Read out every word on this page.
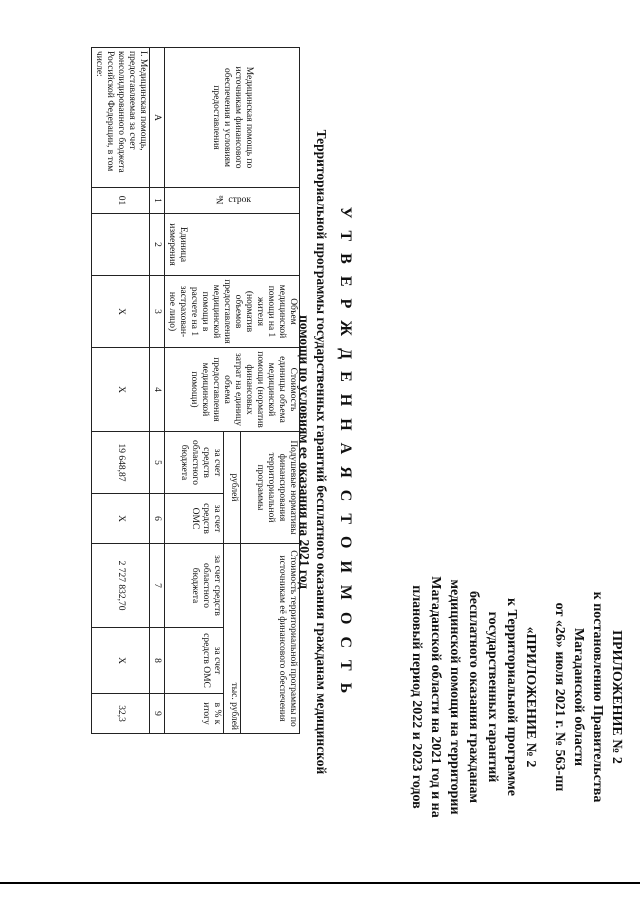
ПРИЛОЖЕНИЕ № 2

к постановлению Правительства

Магаданской области

от «26» июля 2021 г. № 563-пп

«ПРИЛОЖЕНИЕ № 2

к Территориальной программе

государственных гарантий

бесплатного оказания гражданам

медицинской помощи на территории

Магаданской области на 2021 год и на

плановый период 2022 и 2023 годов

У Т В Е Р Ж Д Е Н Н А Я С Т О И М О С Т Ь

Территориальной программы государственных гарантий бесплатного оказания гражданам медицинской
помощи по условиям ее оказания на 2021 год

Медицинская помощь по источникам финансового обеспечения и условиям предоставления	№ строк	Единица измерения	Объем медицинской помощи на 1 жителя (норматив объемов предоставления медицинской помощи в расчете на 1 застрахован-ное лицо)	Стоимость единицы объема медицинской помощи (норматив финансовых затрат на единицу объема предоставления медицинской помощи)	Подушевые нормативы финансирования территориальной программы		Стоимость территориальной программы по источникам её финансового обеспечения		
					рублей		тыс. рублей		
					за счет средств областного бюджета	за счет средств ОМС	за счет средств областного бюджета	за счет средств ОМС	в % к итогу
А	1	2	3	4	5	6	7	8	9
I. Медицинская помощь, предоставляемая за счет консолидированного бюджета Российской Федерации, в том числе:	01		Х	Х	19 648,87	Х	2 727 832,70	Х	32,3
